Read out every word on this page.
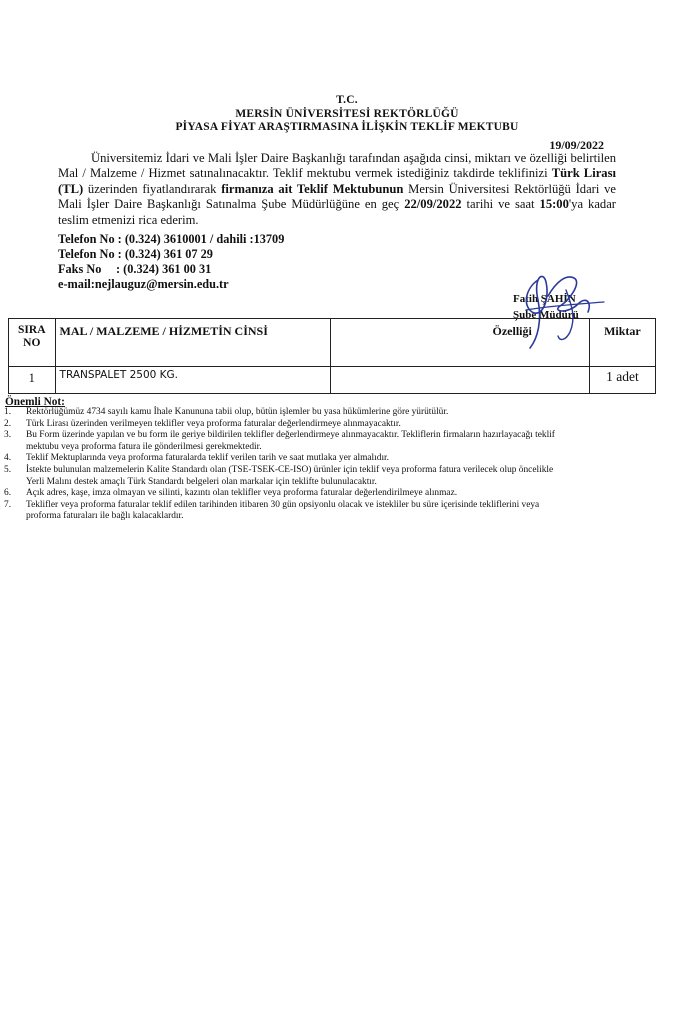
T.C.
MERSİN ÜNİVERSİTESİ REKTÖRLÜĞÜ
PİYASA FİYAT ARAŞTIRMASINA İLİŞKİN TEKLİF MEKTUBU
19/09/2022
Üniversitemiz İdari ve Mali İşler Daire Başkanlığı tarafından aşağıda cinsi, miktarı ve özelliği belirtilen Mal / Malzeme / Hizmet satınalınacaktır. Teklif mektubu vermek istediğiniz takdirde teklifinizi Türk Lirası (TL) üzerinden fiyatlandırarak firmanıza ait Teklif Mektubunun Mersin Üniversitesi Rektörlüğü İdari ve Mali İşler Daire Başkanlığı Satınalma Şube Müdürlüğüne en geç 22/09/2022 tarihi ve saat 15:00'ya kadar teslim etmenizi rica ederim.
Telefon No : (0.324) 3610001 / dahili :13709
Telefon No : (0.324) 361 07 29
Faks No : (0.324) 361 00 31
e-mail:nejlauguz@mersin.edu.tr
Fatih ŞAHİN
Şube Müdürü
SIRA
NO	MAL / MALZEME / HİZMETİN CİNSİ	Özelliği	Miktar
1	TRANSPALET 2500 KG.		1 adet
Önemli Not:
1. Rektörlüğümüz 4734 sayılı kamu İhale Kanununa tabii olup, bütün işlemler bu yasa hükümlerine göre yürütülür.
2. Türk Lirası üzerinden verilmeyen teklifler veya proforma faturalar değerlendirmeye alınmayacaktır.
3. Bu Form üzerinde yapılan ve bu form ile geriye bildirilen teklifler değerlendirmeye alınmayacaktır. Tekliflerin firmaların hazırlayacağı teklif mektubu veya proforma fatura ile gönderilmesi gerekmektedir.
4. Teklif Mektuplarında veya proforma faturalarda teklif verilen tarih ve saat mutlaka yer almalıdır.
5. İstekte bulunulan malzemelerin Kalite Standardı olan (TSE-TSEK-CE-ISO) ürünler için teklif veya proforma fatura verilecek olup öncelikle Yerli Malını destek amaçlı Türk Standardı belgeleri olan markalar için teklifte bulunulacaktır.
6. Açık adres, kaşe, imza olmayan ve silinti, kazıntı olan teklifler veya proforma faturalar değerlendirilmeye alınmaz.
7. Teklifler veya proforma faturalar teklif edilen tarihinden itibaren 30 gün opsiyonlu olacak ve istekliler bu süre içerisinde tekliflerini veya proforma faturaları ile bağlı kalacaklardır.
